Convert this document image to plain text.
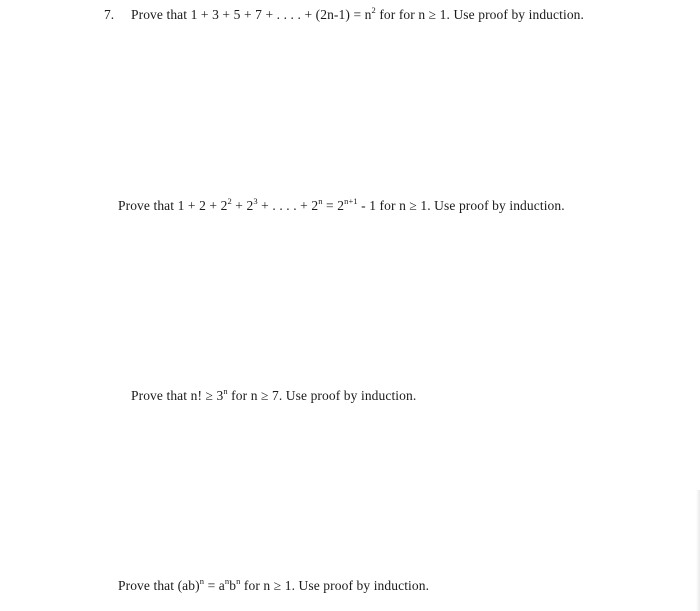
7. Prove that 1 + 3 + 5 + 7 + . . . . + $(2n-1) = n^2$ for for n ≥ 1. Use proof by induction.
Prove that $1 + 2 + 2^2 + 2^3$ + . . . . + $2^n = 2^{n+1} - 1$ for n ≥ 1. Use proof by induction.
Prove that n! ≥ $3^n$ for n ≥ 7. Use proof by induction.
Prove that $(ab)^n = a^nb^n$ for n ≥ 1. Use proof by induction.
